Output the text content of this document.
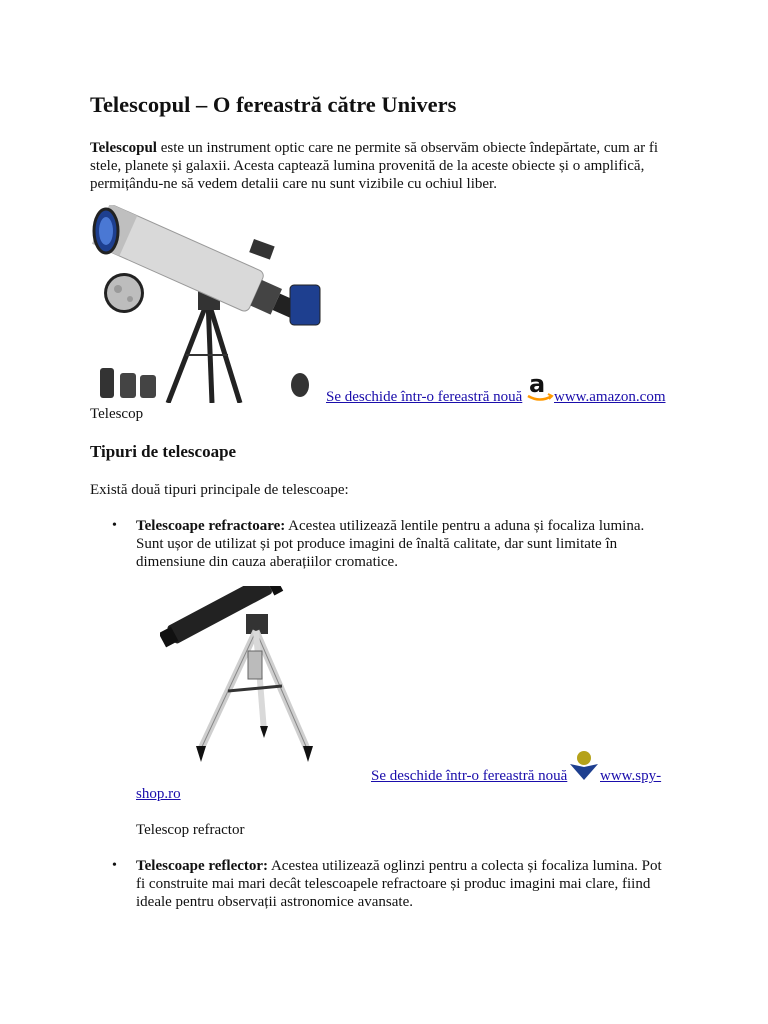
Telescopul – O fereastră către Univers

Telescopul este un instrument optic care ne permite să observăm obiecte îndepărtate, cum ar fi

stele, planete și galaxii. Acesta captează lumina provenită de la aceste obiecte și o amplifică,

permițându-ne să vedem detalii care nu sunt vizibile cu ochiul liber.

Se deschide într-o fereastră nouă a www.amazon.com
Telescop
Tipuri de telescoape

Există două tipuri principale de telescoape:

• Telescoape refractoare: Acestea utilizează lentile pentru a aduna și focaliza lumina.

Sunt ușor de utilizat și pot produce imagini de înaltă calitate, dar sunt limitate în

dimensiune din cauza aberațiilor cromatice.

Se deschide într-o fereastră nouă www.spy-
shop.ro
Telescop refractor
• Telescoape reflector: Acestea utilizează oglinzi pentru a colecta și focaliza lumina. Pot

fi construite mai mari decât telescoapele refractoare și produc imagini mai clare, fiind

ideale pentru observații astronomice avansate.
